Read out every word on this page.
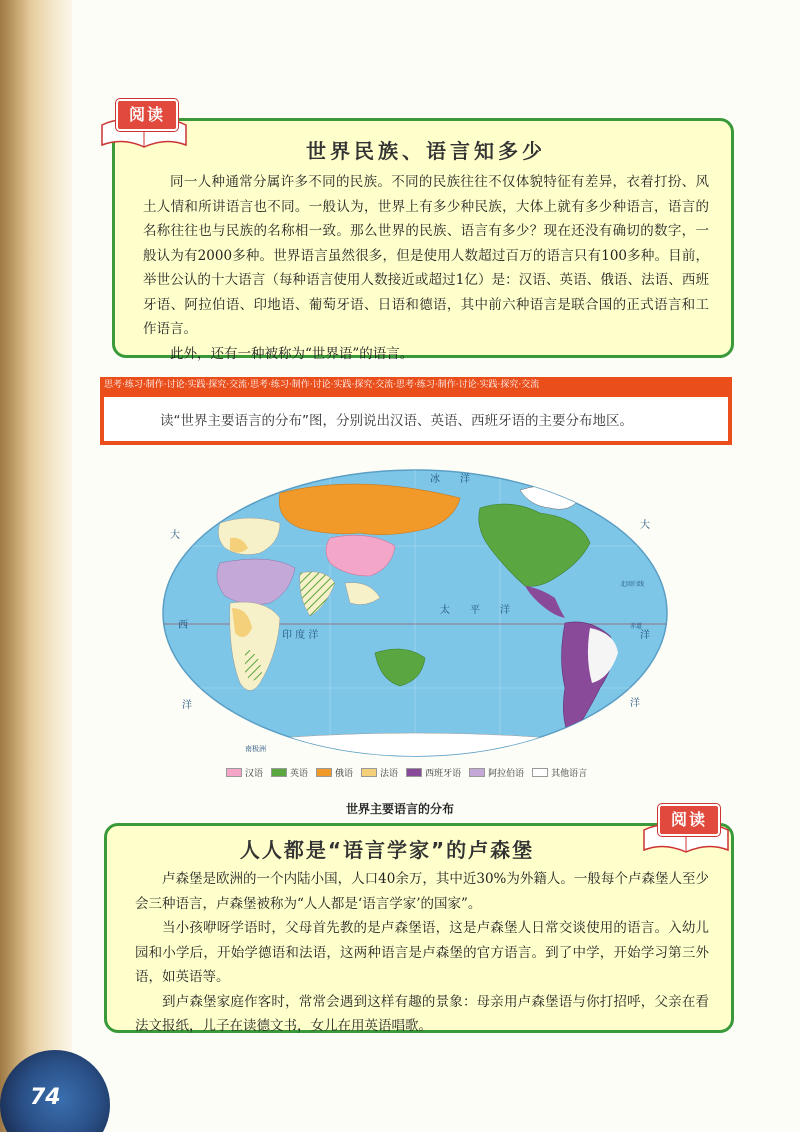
世界民族、语言知多少

同一人种通常分属许多不同的民族。不同的民族往往不仅体貌特征有差异，衣着打扮、风土人情和所讲语言也不同。一般认为，世界上有多少种民族，大体上就有多少种语言，语言的名称往往也与民族的名称相一致。那么世界的民族、语言有多少？现在还没有确切的数字，一般认为有2000多种。世界语言虽然很多，但是使用人数超过百万的语言只有100多种。目前，举世公认的十大语言（每种语言使用人数接近或超过1亿）是：汉语、英语、俄语、法语、西班牙语、阿拉伯语、印地语、葡萄牙语、日语和德语，其中前六种语言是联合国的正式语言和工作语言。

此外，还有一种被称为“世界语”的语言。

阅读
思考·练习·制作·讨论·实践·探究·交流·思考·练习·制作·讨论·实践·探究·交流·思考·练习·制作·讨论·实践·探究·交流
读“世界主要语言的分布”图，分别说出汉语、英语、西班牙语的主要分布地区。
冰 洋
大
西
洋
印 度 洋
太 平 洋
大
洋
洋
南极洲
北回归线
赤道
汉语	英语	俄语	法语	西班牙语	阿拉伯语	其他语言
世界主要语言的分布
人人都是“语言学家”的卢森堡

卢森堡是欧洲的一个内陆小国，人口40余万，其中近30%为外籍人。一般每个卢森堡人至少会三种语言，卢森堡被称为“人人都是‘语言学家’的国家”。

当小孩咿呀学语时，父母首先教的是卢森堡语，这是卢森堡人日常交谈使用的语言。入幼儿园和小学后，开始学德语和法语，这两种语言是卢森堡的官方语言。到了中学，开始学习第三外语，如英语等。

到卢森堡家庭作客时，常常会遇到这样有趣的景象：母亲用卢森堡语与你打招呼，父亲在看法文报纸，儿子在读德文书，女儿在用英语唱歌。

阅读
74
